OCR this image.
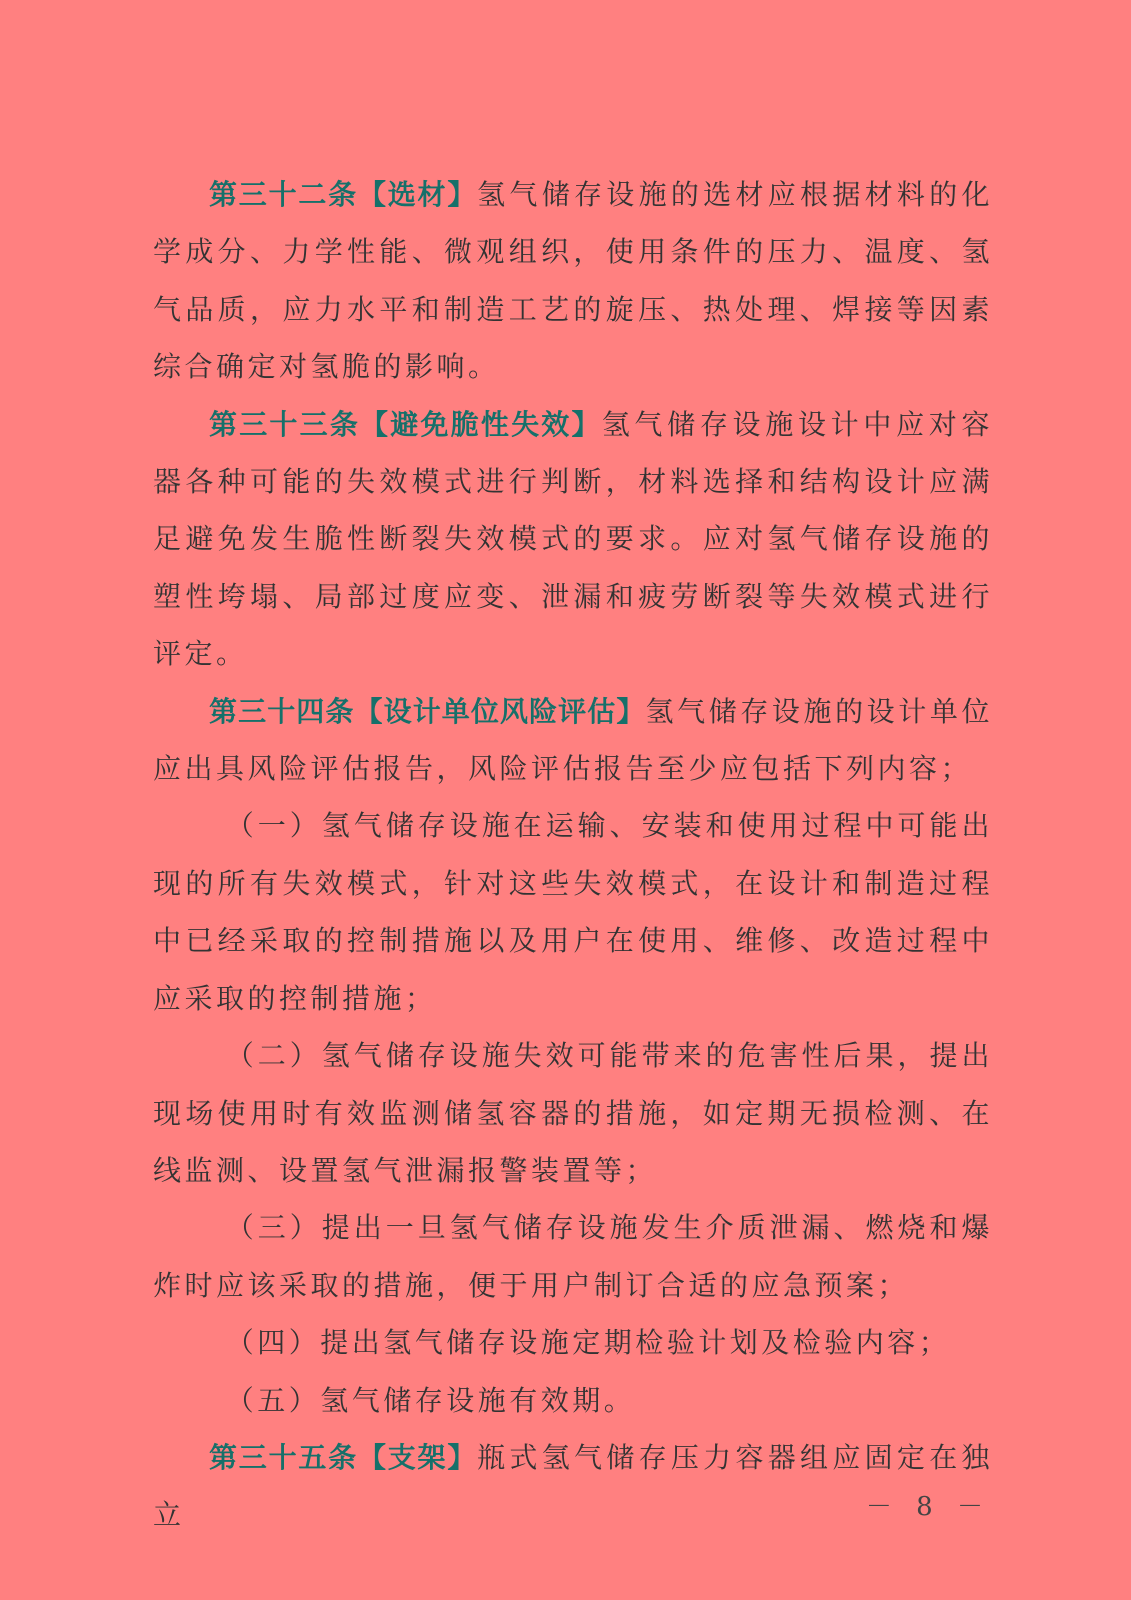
第三十二条【选材】氢气储存设施的选材应根据材料的化学成分、力学性能、微观组织，使用条件的压力、温度、氢气品质，应力水平和制造工艺的旋压、热处理、焊接等因素综合确定对氢脆的影响。

第三十三条【避免脆性失效】氢气储存设施设计中应对容器各种可能的失效模式进行判断，材料选择和结构设计应满足避免发生脆性断裂失效模式的要求。应对氢气储存设施的塑性垮塌、局部过度应变、泄漏和疲劳断裂等失效模式进行评定。

第三十四条【设计单位风险评估】氢气储存设施的设计单位应出具风险评估报告，风险评估报告至少应包括下列内容；

（一）氢气储存设施在运输、安装和使用过程中可能出现的所有失效模式，针对这些失效模式，在设计和制造过程中已经采取的控制措施以及用户在使用、维修、改造过程中应采取的控制措施；

（二）氢气储存设施失效可能带来的危害性后果，提出现场使用时有效监测储氢容器的措施，如定期无损检测、在线监测、设置氢气泄漏报警装置等；

（三）提出一旦氢气储存设施发生介质泄漏、燃烧和爆炸时应该采取的措施，便于用户制订合适的应急预案；

（四）提出氢气储存设施定期检验计划及检验内容；

（五）氢气储存设施有效期。

第三十五条【支架】瓶式氢气储存压力容器组应固定在独立	－ 8 －
